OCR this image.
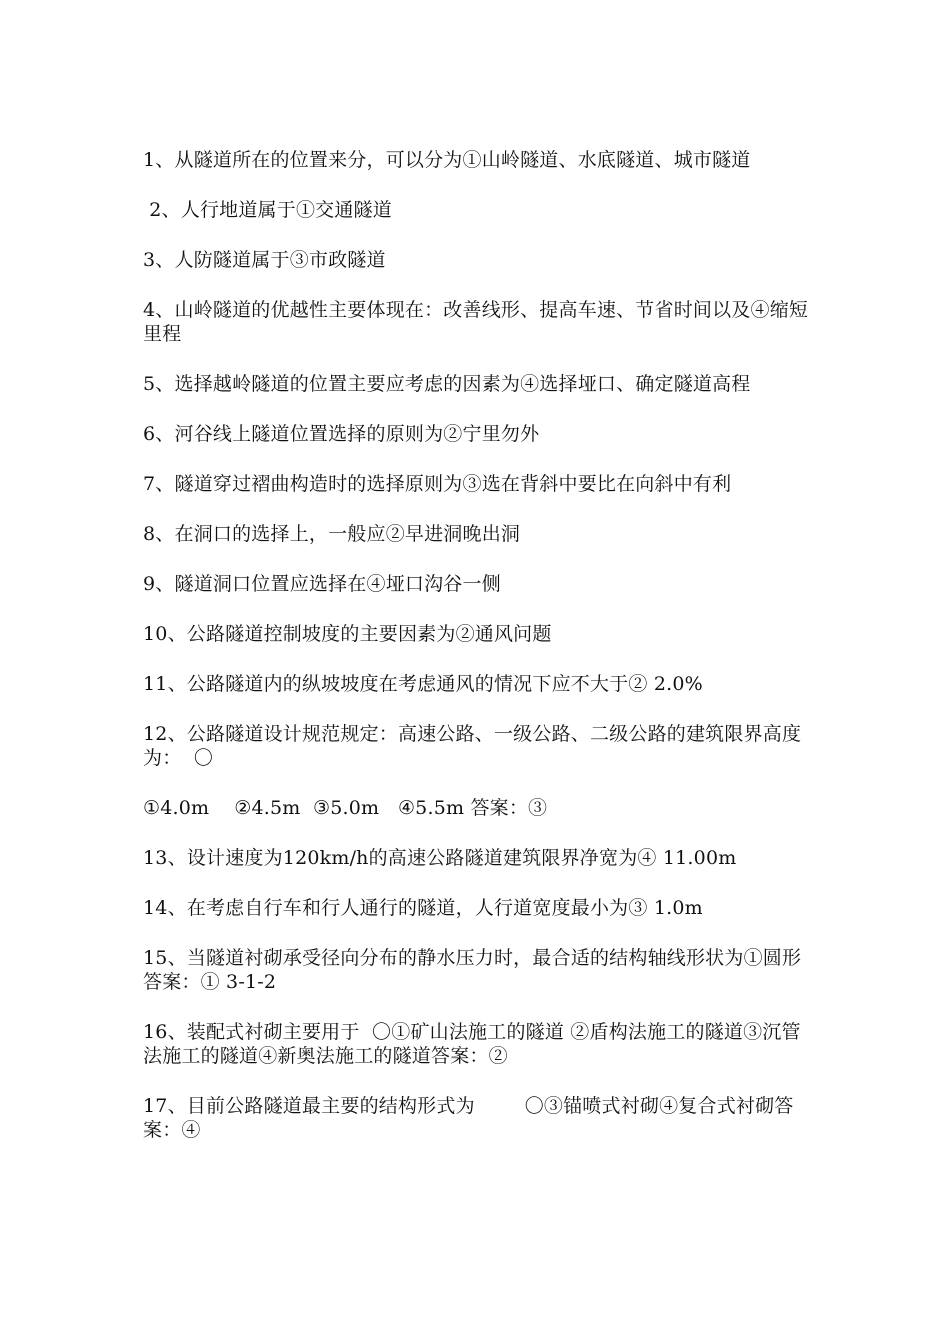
1、从隧道所在的位置来分，可以分为①山岭隧道、水底隧道、城市隧道

2、人行地道属于①交通隧道

3、人防隧道属于③市政隧道

4、山岭隧道的优越性主要体现在：改善线形、提高车速、节省时间以及④缩短里程

5、选择越岭隧道的位置主要应考虑的因素为④选择垭口、确定隧道高程

6、河谷线上隧道位置选择的原则为②宁里勿外

7、隧道穿过褶曲构造时的选择原则为③选在背斜中要比在向斜中有利

8、在洞口的选择上，一般应②早进洞晚出洞

9、隧道洞口位置应选择在④垭口沟谷一侧

10、公路隧道控制坡度的主要因素为②通风问题

11、公路隧道内的纵坡坡度在考虑通风的情况下应不大于② 2.0%

12、公路隧道设计规范规定：高速公路、一级公路、二级公路的建筑限界高度为：  〇

①4.0m    ②4.5m  ③5.0m   ④5.5m 答案：③

13、设计速度为120km/h的高速公路隧道建筑限界净宽为④ 11.00m

14、在考虑自行车和行人通行的隧道，人行道宽度最小为③ 1.0m

15、当隧道衬砌承受径向分布的静水压力时，最合适的结构轴线形状为①圆形答案：① 3-1-2

16、装配式衬砌主要用于  〇①矿山法施工的隧道 ②盾构法施工的隧道③沉管法施工的隧道④新奥法施工的隧道答案：②

17、目前公路隧道最主要的结构形式为        〇③锚喷式衬砌④复合式衬砌答案：④
